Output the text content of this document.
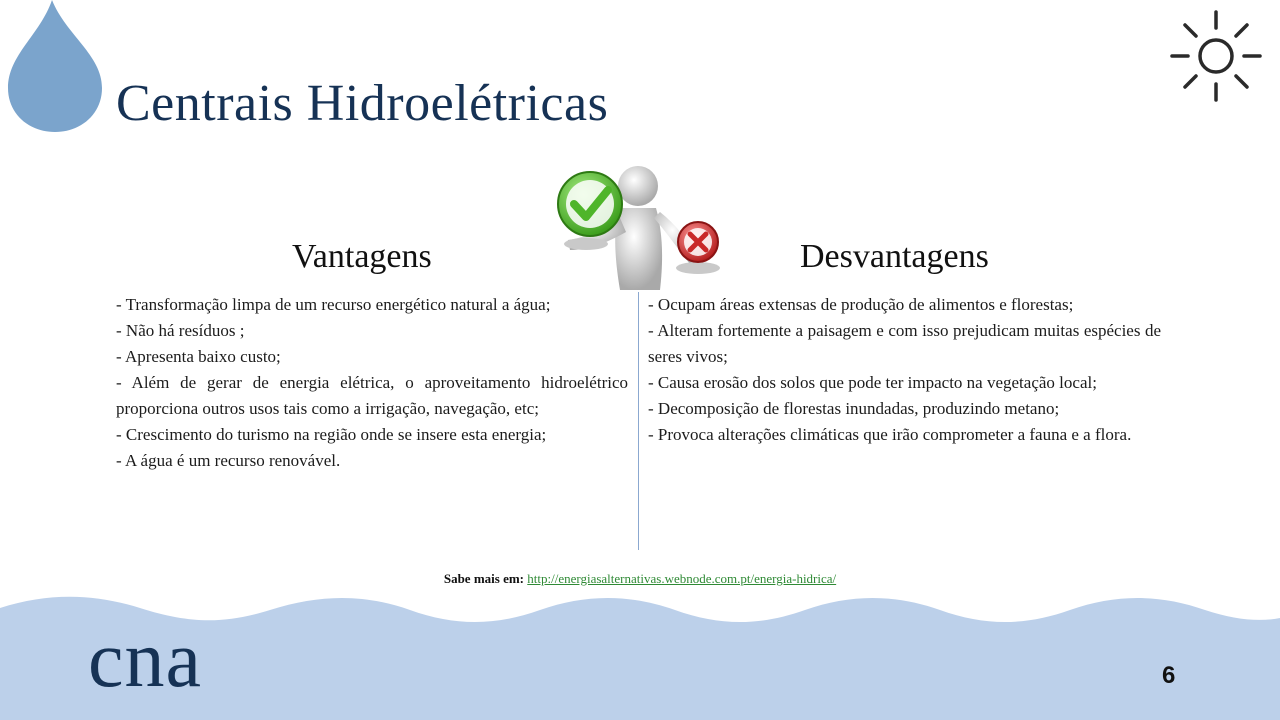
Centrais Hidroelétricas
Vantagens	Desvantagens

- Transformação limpa de um recurso energético natural a água;

- Não há resíduos ;

- Apresenta baixo custo;

- Além de gerar de energia elétrica, o aproveitamento hidroelétrico proporciona outros usos tais como a irrigação, navegação, etc;

- Crescimento do turismo na região onde se insere esta energia;

- A água é um recurso renovável.

- Ocupam áreas extensas de produção de alimentos e florestas;

- Alteram fortemente a paisagem e com isso prejudicam muitas espécies de seres vivos;

- Causa erosão dos solos que pode ter impacto na vegetação local;

- Decomposição de florestas inundadas, produzindo metano;

- Provoca alterações climáticas que irão comprometer a fauna e a flora.

Sabe mais em: http://energiasalternativas.webnode.com.pt/energia-hidrica/
cna	6
